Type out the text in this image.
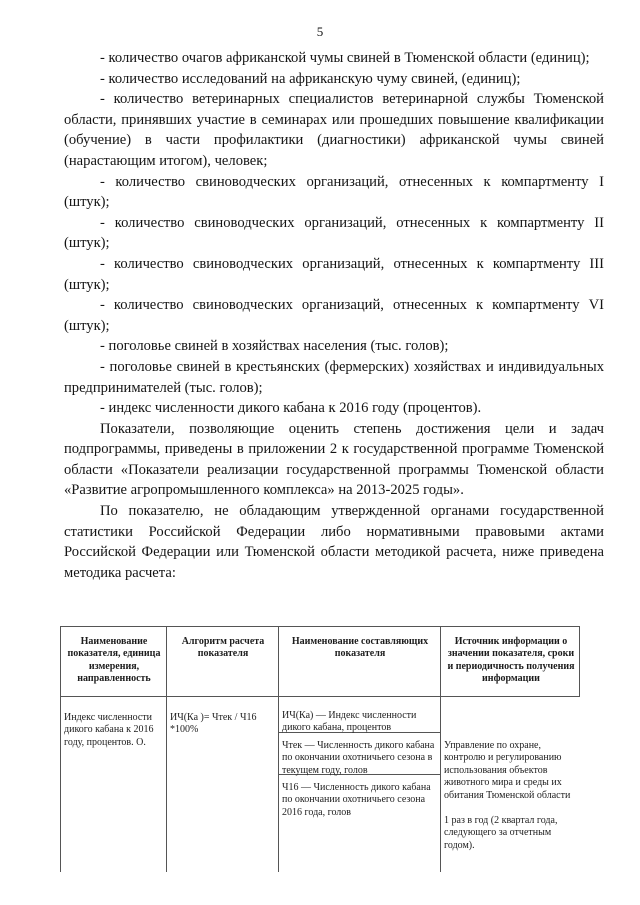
5

- количество очагов африканской чумы свиней в Тюменской области (единиц);

- количество исследований на африканскую чуму свиней, (единиц);

- количество ветеринарных специалистов ветеринарной службы Тюменской области, принявших участие в семинарах или прошедших повышение квалификации (обучение) в части профилактики (диагностики) африканской чумы свиней (нарастающим итогом), человек;

- количество свиноводческих организаций, отнесенных к компартменту I (штук);

- количество свиноводческих организаций, отнесенных к компартменту II (штук);

- количество свиноводческих организаций, отнесенных к компартменту III (штук);

- количество свиноводческих организаций, отнесенных к компартменту VI (штук);

- поголовье свиней в хозяйствах населения (тыс. голов);

- поголовье свиней в крестьянских (фермерских) хозяйствах и индивидуальных предпринимателей (тыс. голов);

- индекс численности дикого кабана к 2016 году (процентов).

Показатели, позволяющие оценить степень достижения цели и задач подпрограммы, приведены в приложении 2 к государственной программе Тюменской области «Показатели реализации государственной программы Тюменской области «Развитие агропромышленного комплекса» на 2013-2025 годы».

По показателю, не обладающим утвержденной органами государственной статистики Российской Федерации либо нормативными правовыми актами Российской Федерации или Тюменской области методикой расчета, ниже приведена методика расчета:

Наименование показателя, единица измерения, направленность
Алгоритм расчета показателя
Наименование составляющих показателя
Источник информации о значении показателя, сроки и периодичность получения информации
Индекс численности дикого кабана к 2016 году, процентов. О.
ИЧ(Ка )= Чтек / Ч16 *100%
ИЧ(Ка) — Индекс численности дикого кабана, процентов
Чтек — Численность дикого кабана по окончании охотничьего сезона в текущем году, голов
Ч16 — Численность дикого кабана по окончании охотничьего сезона 2016 года, голов
Управление по охране, контролю и регулированию использования объектов животного мира и среды их обитания Тюменской области
1 раз в год (2 квартал года, следующего за отчетным годом).
